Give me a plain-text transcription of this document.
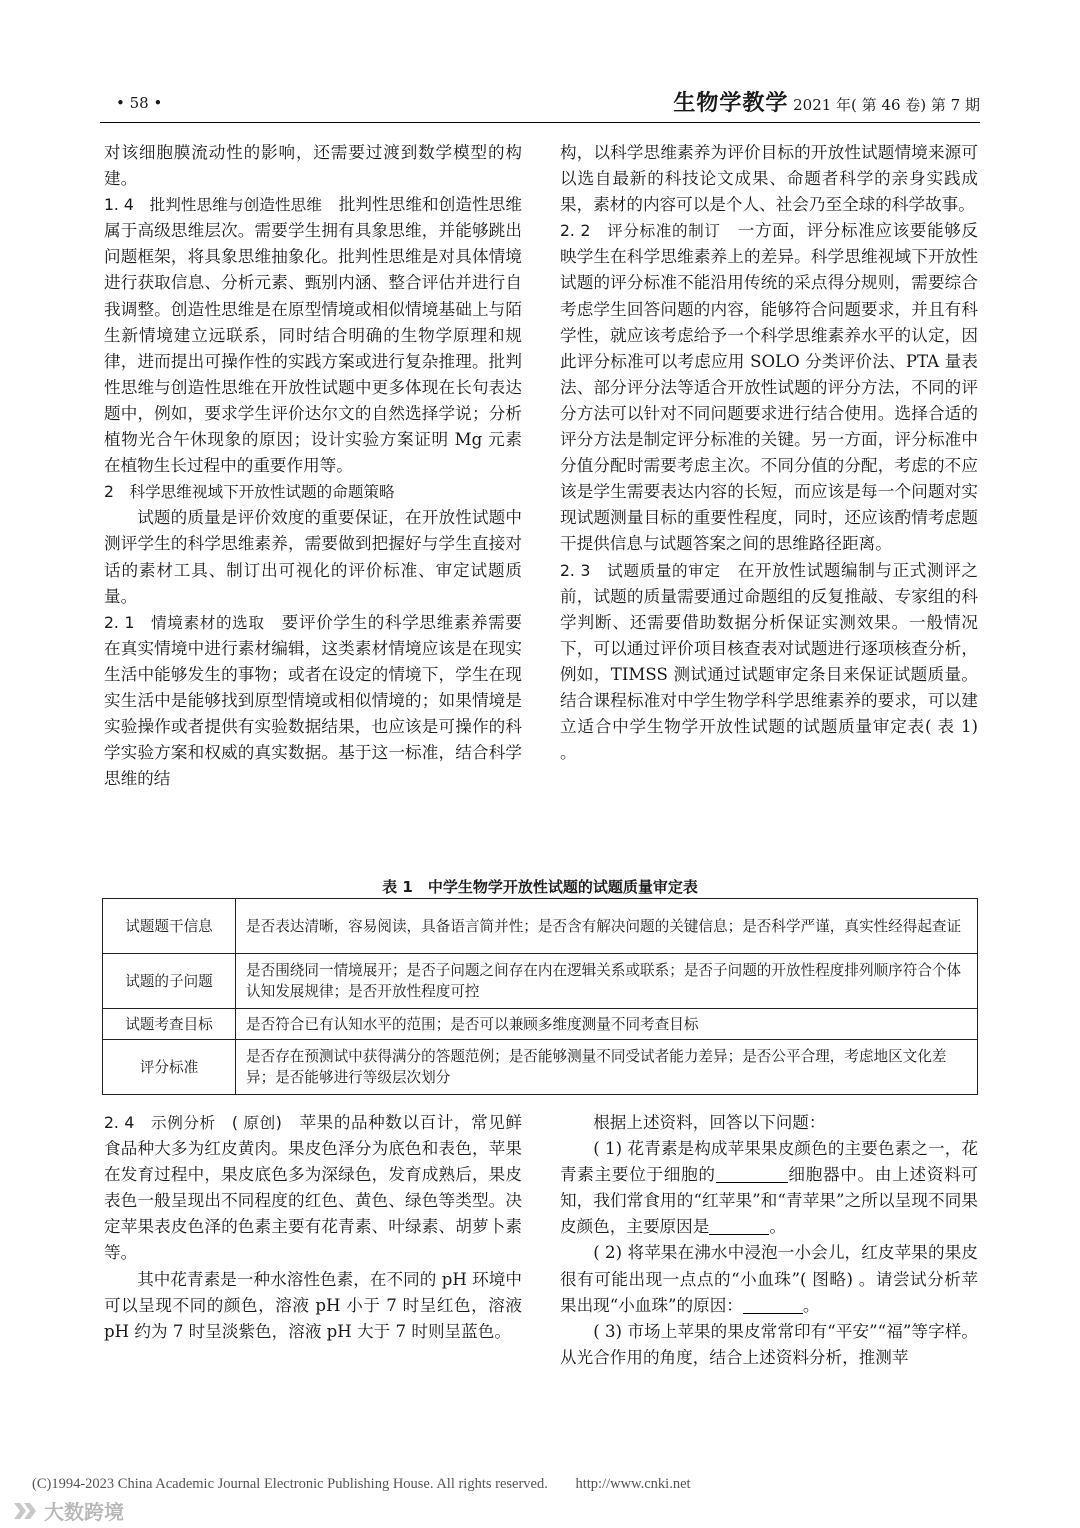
• 58 •	生物学教学 2021 年( 第 46 卷) 第 7 期

对该细胞膜流动性的影响，还需要过渡到数学模型的构建。

1. 4　批判性思维与创造性思维　 批判性思维和创造性思维属于高级思维层次。需要学生拥有具象思维，并能够跳出问题框架，将具象思维抽象化。批判性思维是对具体情境进行获取信息、分析元素、甄别内涵、整合评估并进行自我调整。创造性思维是在原型情境或相似情境基础上与陌生新情境建立远联系，同时结合明确的生物学原理和规律，进而提出可操作性的实践方案或进行复杂推理。批判性思维与创造性思维在开放性试题中更多体现在长句表达题中，例如，要求学生评价达尔文的自然选择学说；分析植物光合午休现象的原因；设计实验方案证明 Mg 元素在植物生长过程中的重要作用等。

2　科学思维视域下开放性试题的命题策略

试题的质量是评价效度的重要保证，在开放性试题中测评学生的科学思维素养，需要做到把握好与学生直接对话的素材工具、制订出可视化的评价标准、审定试题质量。

2. 1　情境素材的选取　 要评价学生的科学思维素养需要在真实情境中进行素材编辑，这类素材情境应该是在现实生活中能够发生的事物；或者在设定的情境下，学生在现实生活中是能够找到原型情境或相似情境的；如果情境是实验操作或者提供有实验数据结果，也应该是可操作的科学实验方案和权威的真实数据。基于这一标准，结合科学思维的结

构，以科学思维素养为评价目标的开放性试题情境来源可以选自最新的科技论文成果、命题者科学的亲身实践成果，素材的内容可以是个人、社会乃至全球的科学故事。

2. 2　评分标准的制订　 一方面，评分标准应该要能够反映学生在科学思维素养上的差异。科学思维视域下开放性试题的评分标准不能沿用传统的采点得分规则，需要综合考虑学生回答问题的内容，能够符合问题要求，并且有科学性，就应该考虑给予一个科学思维素养水平的认定，因此评分标准可以考虑应用 SOLO 分类评价法、PTA 量表法、部分评分法等适合开放性试题的评分方法，不同的评分方法可以针对不同问题要求进行结合使用。选择合适的评分方法是制定评分标准的关键。另一方面，评分标准中分值分配时需要考虑主次。不同分值的分配，考虑的不应该是学生需要表达内容的长短，而应该是每一个问题对实现试题测量目标的重要性程度，同时，还应该酌情考虑题干提供信息与试题答案之间的思维路径距离。

2. 3　试题质量的审定　 在开放性试题编制与正式测评之前，试题的质量需要通过命题组的反复推敲、专家组的科学判断、还需要借助数据分析保证实测效果。一般情况下，可以通过评价项目核查表对试题进行逐项核查分析，例如，TIMSS 测试通过试题审定条目来保证试题质量。结合课程标准对中学生物学科学思维素养的要求，可以建立适合中学生物学开放性试题的试题质量审定表( 表 1) 。

表 1　中学生物学开放性试题的试题质量审定表
试题题干信息	是否表达清晰，容易阅读，具备语言简并性；是否含有解决问题的关键信息；是否科学严谨，真实性经得起查证
试题的子问题	是否围绕同一情境展开；是否子问题之间存在内在逻辑关系或联系；是否子问题的开放性程度排列顺序符合个体认知发展规律；是否开放性程度可控
试题考查目标	是否符合已有认知水平的范围；是否可以兼顾多维度测量不同考查目标
评分标准	是否存在预测试中获得满分的答题范例；是否能够测量不同受试者能力差异；是否公平合理，考虑地区文化差异；是否能够进行等级层次划分

2. 4　示例分析　( 原创)　 苹果的品种数以百计，常见鲜食品种大多为红皮黄肉。果皮色泽分为底色和表色，苹果在发育过程中，果皮底色多为深绿色，发育成熟后，果皮表色一般呈现出不同程度的红色、黄色、绿色等类型。决定苹果表皮色泽的色素主要有花青素、叶绿素、胡萝卜素等。

其中花青素是一种水溶性色素，在不同的 pH 环境中可以呈现不同的颜色，溶液 pH 小于 7 时呈红色，溶液 pH 约为 7 时呈淡紫色，溶液 pH 大于 7 时则呈蓝色。

根据上述资料，回答以下问题：

( 1) 花青素是构成苹果果皮颜色的主要色素之一，花青素主要位于细胞的	细胞器中。由上述资料可知，我们常食用的“红苹果”和“青苹果”之所以呈现不同果皮颜色，主要原因是	。

( 2) 将苹果在沸水中浸泡一小会儿，红皮苹果的果皮很有可能出现一点点的“小血珠”( 图略) 。请尝试分析苹果出现“小血珠”的原因：	。

( 3) 市场上苹果的果皮常常印有“平安”“福”等字样。从光合作用的角度，结合上述资料分析，推测苹

(C)1994-2023 China Academic Journal Electronic Publishing House. All rights reserved. http://www.cnki.net
大数跨境
